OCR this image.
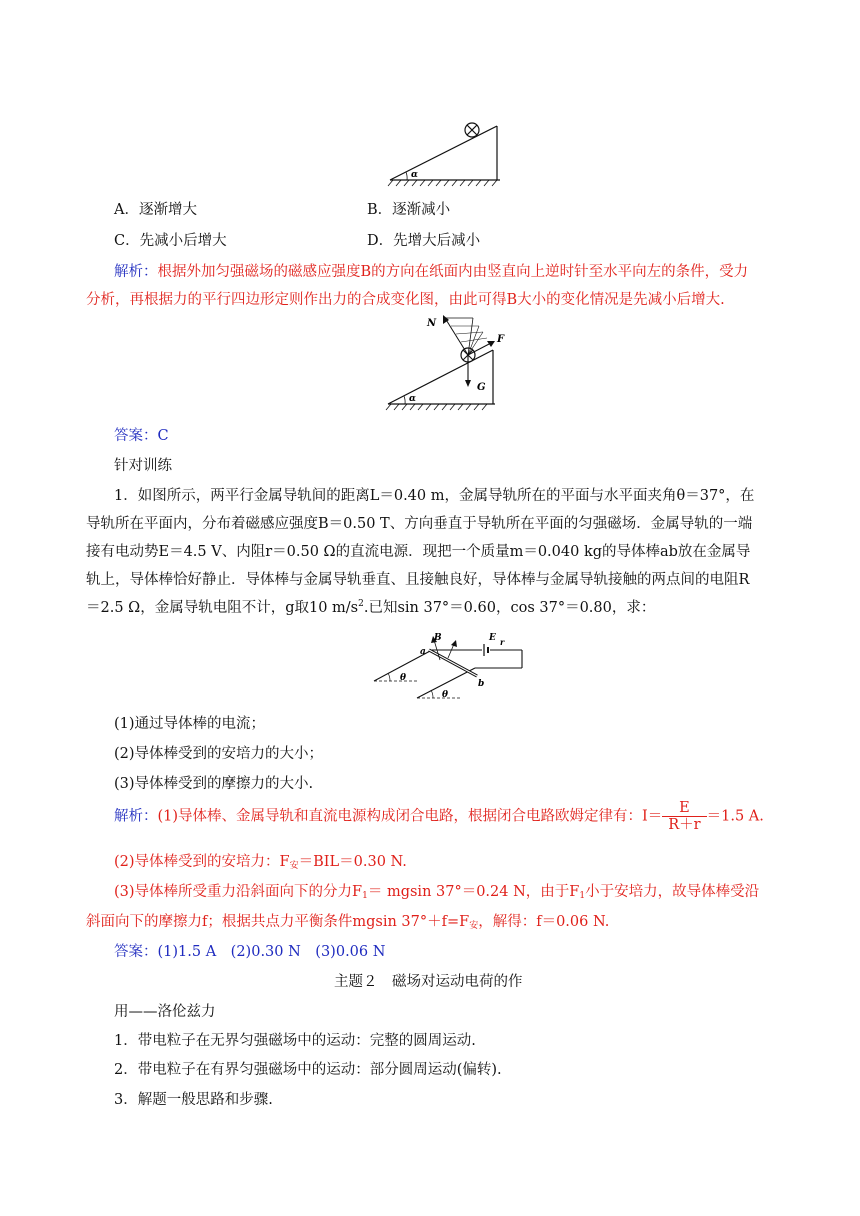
α
A．逐渐增大	B．逐渐减小
C．先减小后增大	D．先增大后减小
解析：根据外加匀强磁场的磁感应强度B的方向在纸面内由竖直向上逆时针至水平向左的条件，受力
分析，再根据力的平行四边形定则作出力的合成变化图，由此可得B大小的变化情况是先减小后增大.
α
N
F
G
答案：C
针对训练
1．如图所示，两平行金属导轨间的距离L＝0.40 m，金属导轨所在的平面与水平面夹角θ＝37°，在
导轨所在平面内，分布着磁感应强度B＝0.50 T、方向垂直于导轨所在平面的匀强磁场．金属导轨的一端
接有电动势E＝4.5 V、内阻r＝0.50 Ω的直流电源．现把一个质量m＝0.040 kg的导体棒ab放在金属导
轨上，导体棒恰好静止．导体棒与金属导轨垂直、且接触良好，导体棒与金属导轨接触的两点间的电阻R
＝2.5 Ω，金属导轨电阻不计，g取10 $m/s^2$.已知sin 37°＝0.60，cos 37°＝0.80，求：
B	E r
a
b
θ
θ
(1)通过导体棒的电流；
(2)导体棒受到的安培力的大小；
(3)导体棒受到的摩擦力的大小.
解析：(1)导体棒、金属导轨和直流电源构成闭合电路，根据闭合电路欧姆定律有：$I= \frac{E}{R+r} =1.5$ A.
(2)导体棒受到的安培力：$F_安=BIL=0.30$ N.
(3)导体棒所受重力沿斜面向下的分力$F_1= mgsin$ 37°＝0.24 N，由于$F_1$小于安培力，故导体棒受沿
斜面向下的摩擦力f；根据共点力平衡条件mgsin $37^\circ+f=F_安$，解得：f＝0.06 N.
答案：(1)1.5 A　(2)0.30 N　(3)0.06 N
主题２　磁场对运动电荷的作
用——洛伦兹力
1．带电粒子在无界匀强磁场中的运动：完整的圆周运动.
2．带电粒子在有界匀强磁场中的运动：部分圆周运动(偏转).
3．解题一般思路和步骤.
